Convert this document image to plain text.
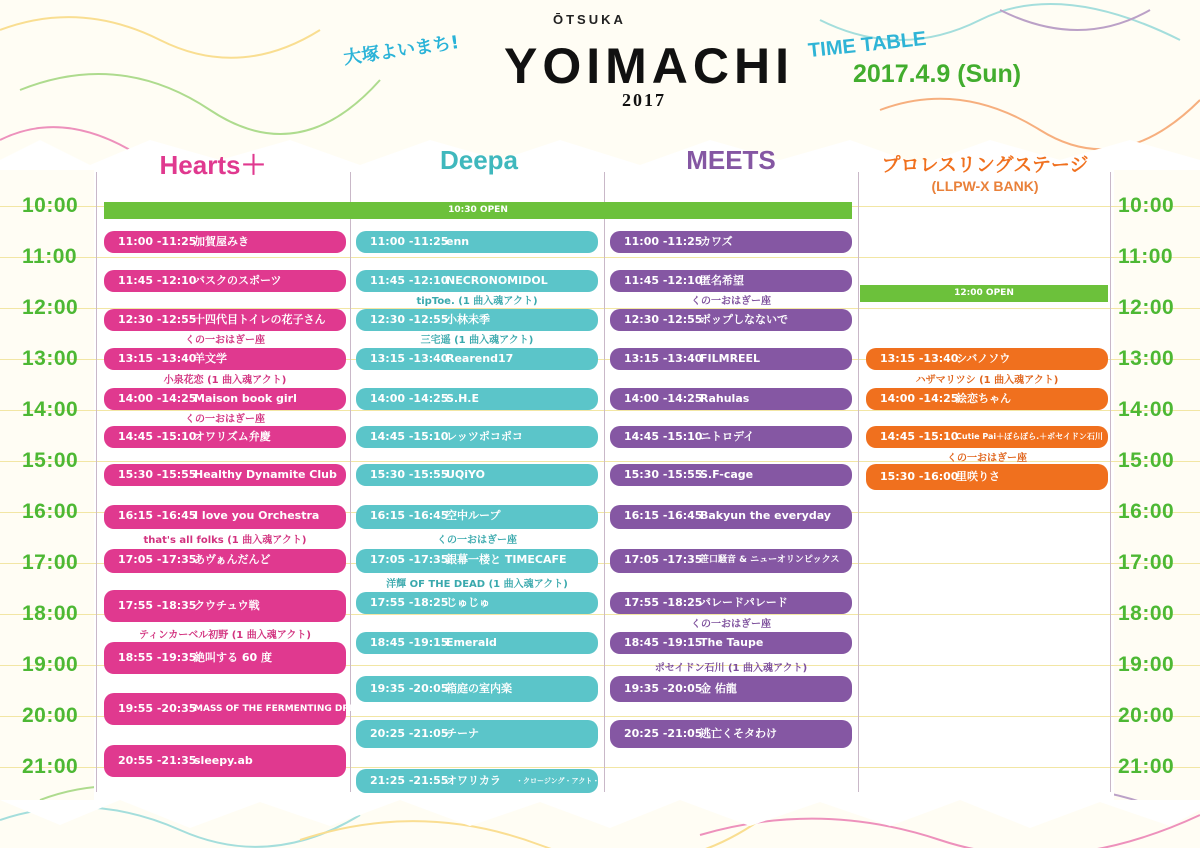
ŌTSUKA
YOIMACHI
2017
大塚よいまち!	TIME TABLE
2017.4.9 (Sun)
Hearts＋	Deepa	MEETS	プロレスリングステージ
(LLPW-X BANK)
10:00
11:00
12:00
13:00
14:00
15:00
16:00
17:00
18:00
19:00
20:00
21:00
10:00
11:00
12:00
13:00
14:00
15:00
16:00
17:00
18:00
19:00
20:00
21:00
10:30 OPEN
12:00 OPEN
11:00 -11:25
加賀屋みき
11:45 -12:10
バスクのスポーツ
12:30 -12:55
十四代目トイレの花子さん
くの一おはぎー座
13:15 -13:40
羊文学
小泉花恋 (1 曲入魂アクト)
14:00 -14:25
Maison book girl
くの一おはぎー座
14:45 -15:10
オワリズム弁慶
15:30 -15:55
Healthy Dynamite Club
16:15 -16:45
I love you Orchestra
that's all folks (1 曲入魂アクト)
17:05 -17:35
あヴぁんだんど
17:55 -18:35
クウチュウ戦
ティンカーベル初野 (1 曲入魂アクト)
18:55 -19:35
絶叫する 60 度
19:55 -20:35
MASS OF THE FERMENTING DREGS
20:55 -21:35
sleepy.ab
11:00 -11:25
enn
11:45 -12:10
NECRONOMIDOL
tipToe. (1 曲入魂アクト)
12:30 -12:55
小林未季
三宅遥 (1 曲入魂アクト)
13:15 -13:40
Rearend17
14:00 -14:25
S.H.E
14:45 -15:10
レッツポコポコ
15:30 -15:55
UQiYO
16:15 -16:45
空中ループ
くの一おはぎー座
17:05 -17:35
銀幕一楼と TIMECAFE
洋輝 OF THE DEAD (1 曲入魂アクト)
17:55 -18:25
じゅじゅ
18:45 -19:15
Emerald
19:35 -20:05
箱庭の室内楽
20:25 -21:05
チーナ
21:25 -21:55
オワリカラ ・クロージング・アクト・
11:00 -11:25
カワズ
11:45 -12:10
匿名希望
くの一おはぎー座
12:30 -12:55
ポップしなないで
13:15 -13:40
FILMREEL
14:00 -14:25
Rahulas
14:45 -15:10
ニトロデイ
15:30 -15:55
S.F-cage
16:15 -16:45
Bakyun the everyday
17:05 -17:35
笹口騒音 & ニューオリンピックス
17:55 -18:25
パレードパレード
くの一おはぎー座
18:45 -19:15
The Taupe
ポセイドン石川 (1 曲入魂アクト)
19:35 -20:05
金 佑龍
20:25 -21:05
逃亡くそタわけ
13:15 -13:40
シバノソウ
ハザマリツシ (1 曲入魂アクト)
14:00 -14:25
絵恋ちゃん
14:45 -15:10
Cutie Pai＋ぽらぽら.＋ポセイドン石川
くの一おはぎー座
15:30 -16:00
里咲りさ
